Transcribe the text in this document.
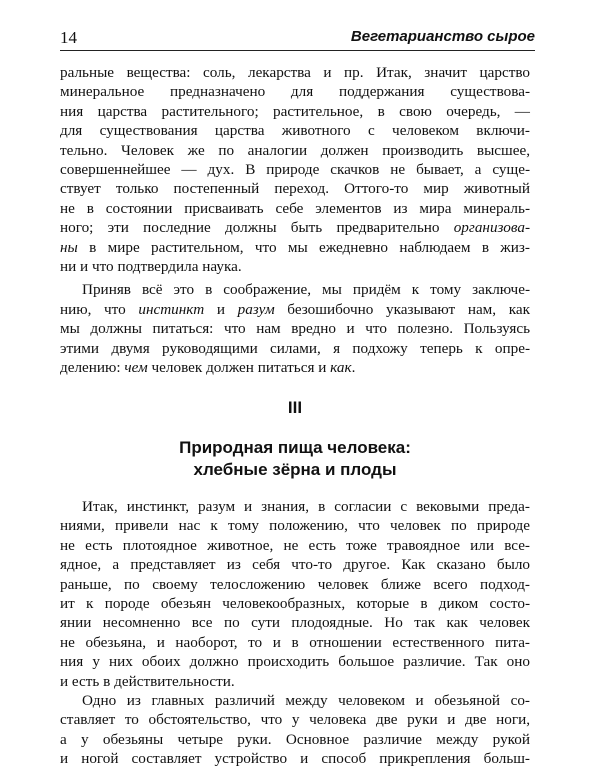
14	Вегетарианство сырое
ральные вещества: соль, лекарства и пр. Итак, значит царство
минеральное предназначено для поддержания существова-
ния царства растительного; растительное, в свою очередь, —
для существования царства животного с человеком включи-
тельно. Человек же по аналогии должен производить высшее,
совершеннейшее — дух. В природе скачков не бывает, а суще-
ствует только постепенный переход. Оттого-то мир животный
не в состоянии присваивать себе элементов из мира минераль-
ного; эти последние должны быть предварительно организова-
ны в мире растительном, что мы ежедневно наблюдаем в жиз-
ни и что подтвердила наука.
Приняв всё это в соображение, мы придём к тому заключе-
нию, что инстинкт и разум безошибочно указывают нам, как
мы должны питаться: что нам вредно и что полезно. Пользуясь
этими двумя руководящими силами, я подхожу теперь к опре-
делению: чем человек должен питаться и как.
III
Природная пища человека:
хлебные зёрна и плоды
Итак, инстинкт, разум и знания, в согласии с вековыми преда-
ниями, привели нас к тому положению, что человек по природе
не есть плотоядное животное, не есть тоже травоядное или все-
ядное, а представляет из себя что-то другое. Как сказано было
раньше, по своему телосложению человек ближе всего подход-
ит к породе обезьян человекообразных, которые в диком состо-
янии несомненно все по сути плодоядные. Но так как человек
не обезьяна, и наоборот, то и в отношении естественного пита-
ния у них обоих должно происходить большое различие. Так оно
и есть в действительности.
Одно из главных различий между человеком и обезьяной со-
ставляет то обстоятельство, что у человека две руки и две ноги,
а у обезьяны четыре руки. Основное различие между рукой
и ногой составляет устройство и способ прикрепления больш-
